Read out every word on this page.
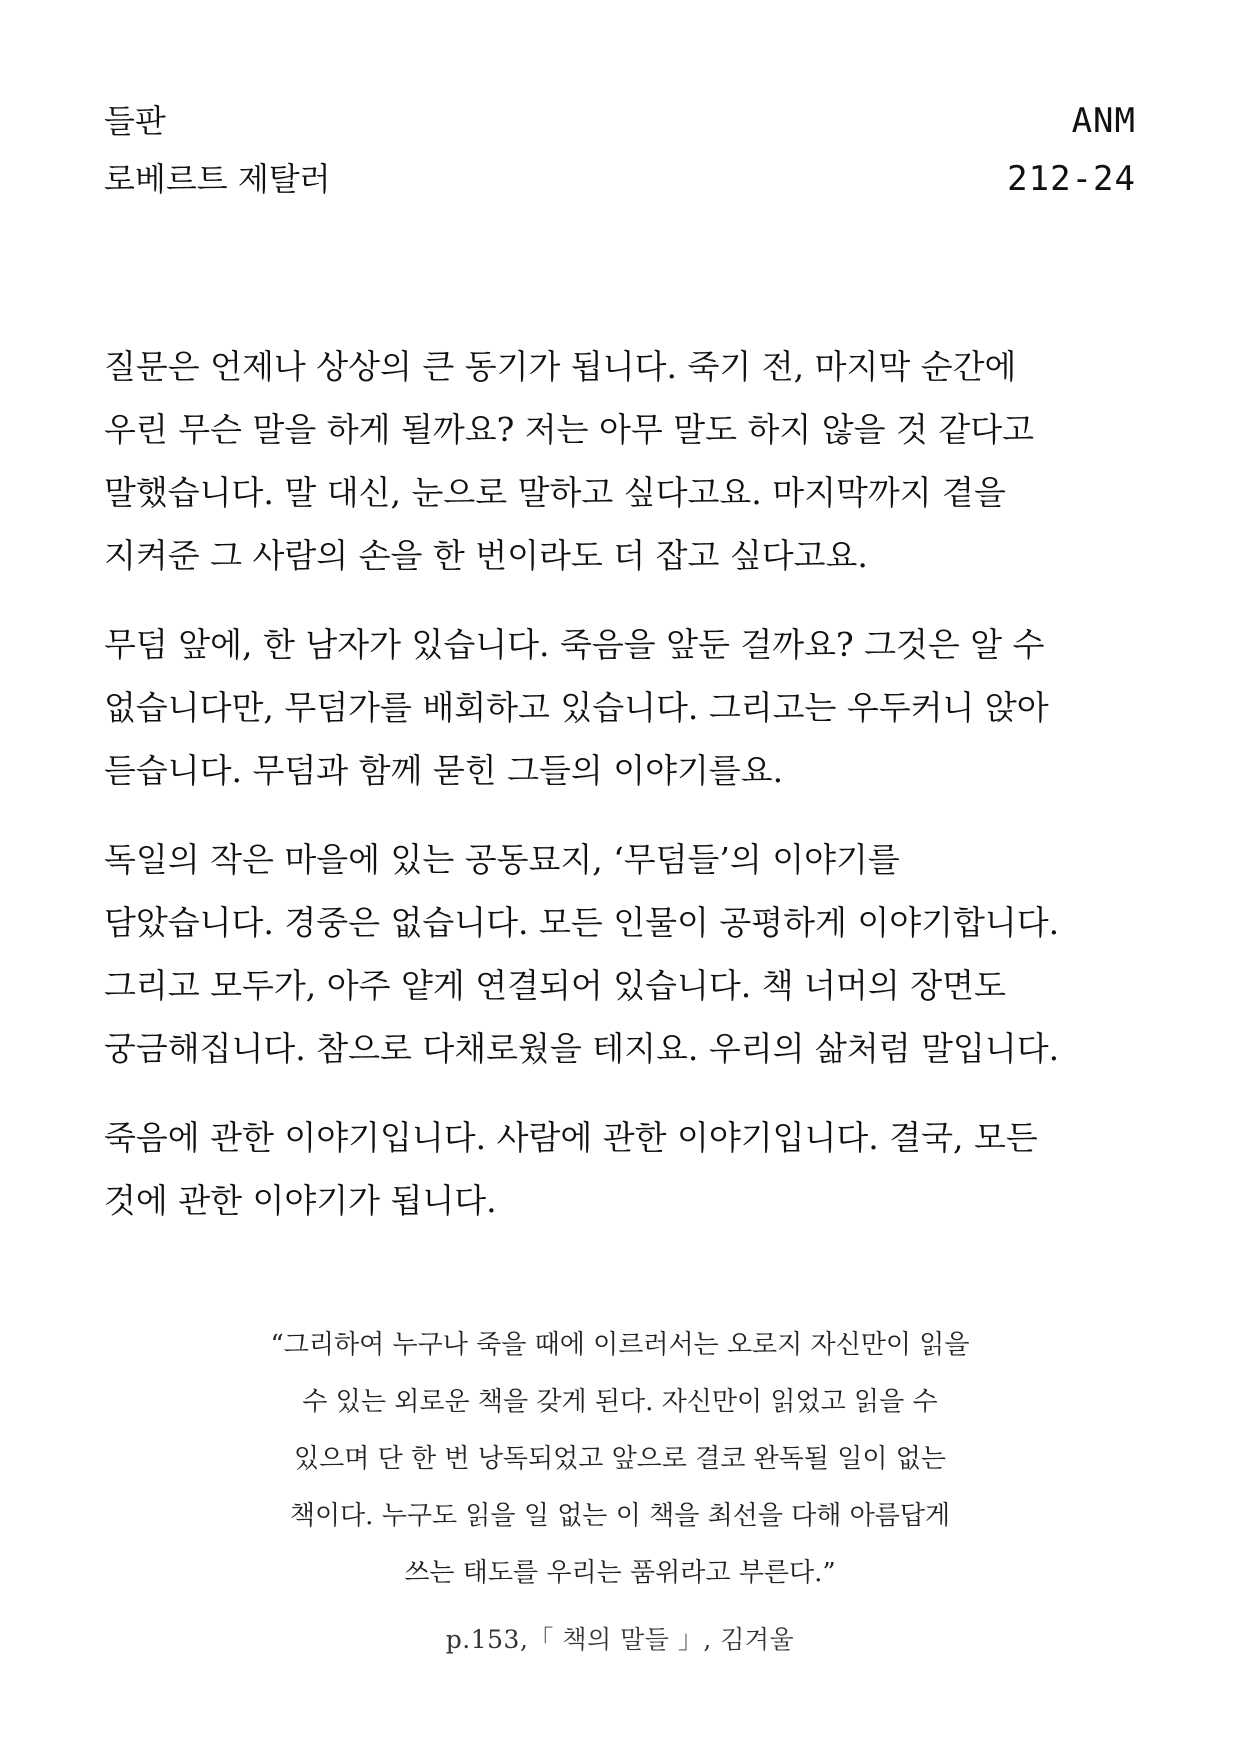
들판
로베르트 제탈러
ANM
212-24
질문은 언제나 상상의 큰 동기가 됩니다. 죽기 전, 마지막 순간에
우린 무슨 말을 하게 될까요? 저는 아무 말도 하지 않을 것 같다고
말했습니다. 말 대신, 눈으로 말하고 싶다고요. 마지막까지 곁을
지켜준 그 사람의 손을 한 번이라도 더 잡고 싶다고요.
무덤 앞에, 한 남자가 있습니다. 죽음을 앞둔 걸까요? 그것은 알 수
없습니다만, 무덤가를 배회하고 있습니다. 그리고는 우두커니 앉아
듣습니다. 무덤과 함께 묻힌 그들의 이야기를요.
독일의 작은 마을에 있는 공동묘지, ‘무덤들’의 이야기를
담았습니다. 경중은 없습니다. 모든 인물이 공평하게 이야기합니다.
그리고 모두가, 아주 얕게 연결되어 있습니다. 책 너머의 장면도
궁금해집니다. 참으로 다채로웠을 테지요. 우리의 삶처럼 말입니다.
죽음에 관한 이야기입니다. 사람에 관한 이야기입니다. 결국, 모든
것에 관한 이야기가 됩니다.
“그리하여 누구나 죽을 때에 이르러서는 오로지 자신만이 읽을
수 있는 외로운 책을 갖게 된다. 자신만이 읽었고 읽을 수
있으며 단 한 번 낭독되었고 앞으로 결코 완독될 일이 없는
책이다. 누구도 읽을 일 없는 이 책을 최선을 다해 아름답게
쓰는 태도를 우리는 품위라고 부른다.”
p.153,「 책의 말들 」, 김겨울
